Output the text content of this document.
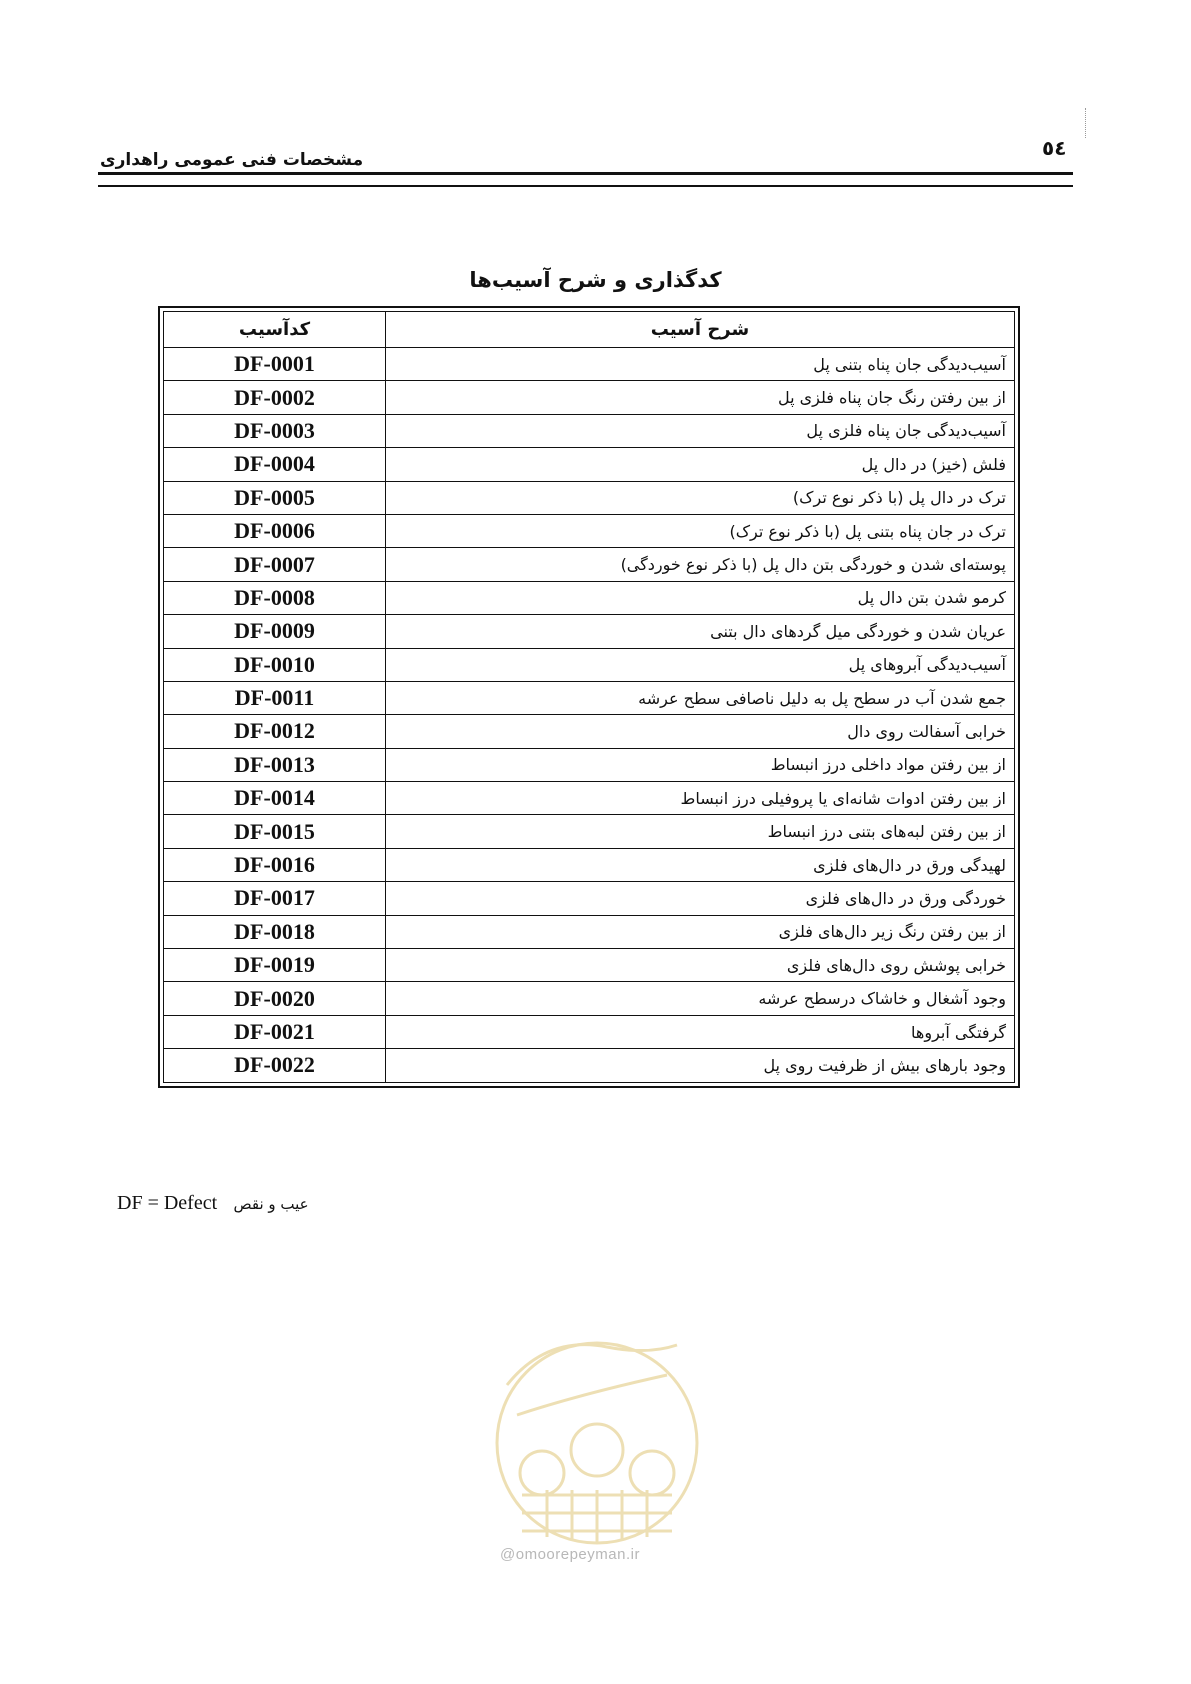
٥٤
مشخصات فنی عمومی راهداری
کدگذاری و شرح آسیب‌ها
کدآسیب	شرح آسیب
DF-0001	آسیب‌دیدگی جان پناه بتنی پل
DF-0002	از بین رفتن رنگ جان پناه فلزی پل
DF-0003	آسیب‌دیدگی جان پناه فلزی پل
DF-0004	فلش (خیز) در دال پل
DF-0005	ترک در دال پل (با ذکر نوع ترک)
DF-0006	ترک در جان پناه بتنی پل (با ذکر نوع ترک)
DF-0007	پوسته‌ای شدن و خوردگی بتن دال پل (با ذکر نوع خوردگی)
DF-0008	کرمو شدن بتن دال پل
DF-0009	عریان شدن و خوردگی میل گردهای دال بتنی
DF-0010	آسیب‌دیدگی آبروهای پل
DF-0011	جمع شدن آب در سطح پل به دلیل ناصافی سطح عرشه
DF-0012	خرابی آسفالت روی دال
DF-0013	از بین رفتن مواد داخلی درز انبساط
DF-0014	از بین رفتن ادوات شانه‌ای یا پروفیلی درز انبساط
DF-0015	از بین رفتن لبه‌های بتنی درز انبساط
DF-0016	لهیدگی ورق در دال‌های فلزی
DF-0017	خوردگی ورق در دال‌های فلزی
DF-0018	از بین رفتن رنگ زیر دال‌های فلزی
DF-0019	خرابی پوشش روی دال‌های فلزی
DF-0020	وجود آشغال و خاشاک درسطح عرشه
DF-0021	گرفتگی آبروها
DF-0022	وجود بارهای بیش از ظرفیت روی پل
DF = Defect عیب و نقص
@omoorepeyman.ir
